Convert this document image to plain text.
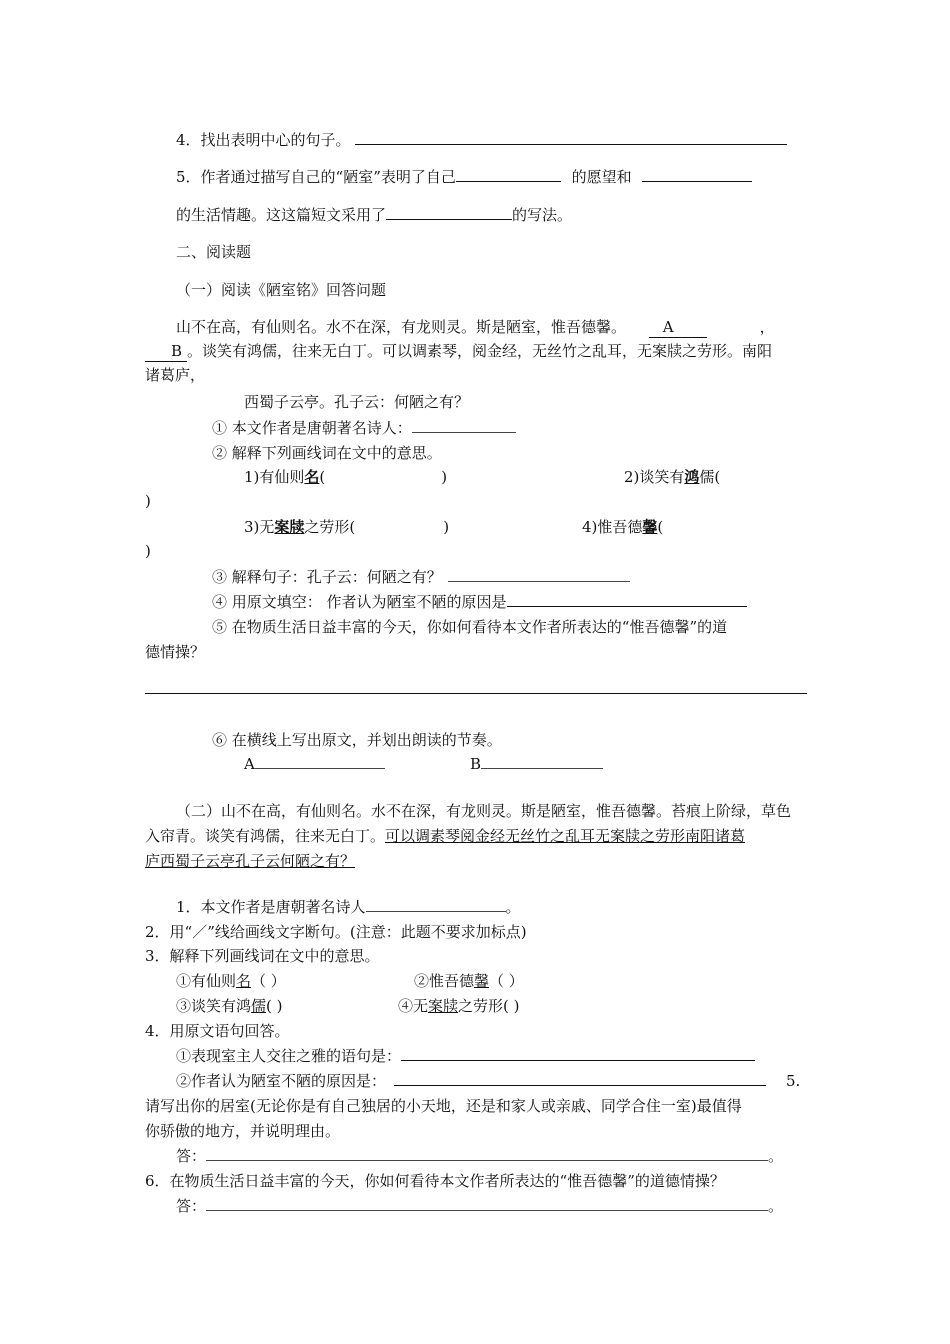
4．找出表明中心的句子。
5．作者通过描写自己的“陋室”表明了自己	的愿望和
的生活情趣。这这篇短文采用了	的写法。
二、阅读题
（一）阅读《陋室铭》回答问题
山不在高，有仙则名。水不在深，有龙则灵。斯是陋室，惟吾德馨。 A	，
B 。谈笑有鸿儒，往来无白丁。可以调素琴，阅金经，无丝竹之乱耳，无案牍之劳形。南阳
诸葛庐，
西蜀子云亭。孔子云：何陋之有？
① 本文作者是唐朝著名诗人：
② 解释下列画线词在文中的意思。
1)有仙则名(	)	2)谈笑有鸿儒(
)
3)无案牍之劳形(	)	4)惟吾德馨(
)
③ 解释句子：孔子云：何陋之有？
④ 用原文填空： 作者认为陋室不陋的原因是
⑤ 在物质生活日益丰富的今天，你如何看待本文作者所表达的“惟吾德馨”的道
德情操？
⑥ 在横线上写出原文，并划出朗读的节奏。
A	B
（二）山不在高，有仙则名。水不在深，有龙则灵。斯是陋室，惟吾德馨。苔痕上阶绿，草色
入帘青。谈笑有鸿儒，往来无白丁。可以调素琴阅金经无丝竹之乱耳无案牍之劳形南阳诸葛
庐西蜀子云亭孔子云何陋之有？
1．本文作者是唐朝著名诗人	。
2．用“／”线给画线文字断句。(注意：此题不要求加标点)
3．解释下列画线词在文中的意思。
①有仙则名（ ）	②惟吾德馨（ ）
③谈笑有鸿儒( )	④无案牍之劳形( )
4．用原文语句回答。
①表现室主人交往之雅的语句是：
②作者认为陋室不陋的原因是：	5.
请写出你的居室(无论你是有自己独居的小天地，还是和家人或亲戚、同学合住一室)最值得
你骄傲的地方，并说明理由。
答：	。
6．在物质生活日益丰富的今天，你如何看待本文作者所表达的“惟吾德馨”的道德情操？
答：	。
